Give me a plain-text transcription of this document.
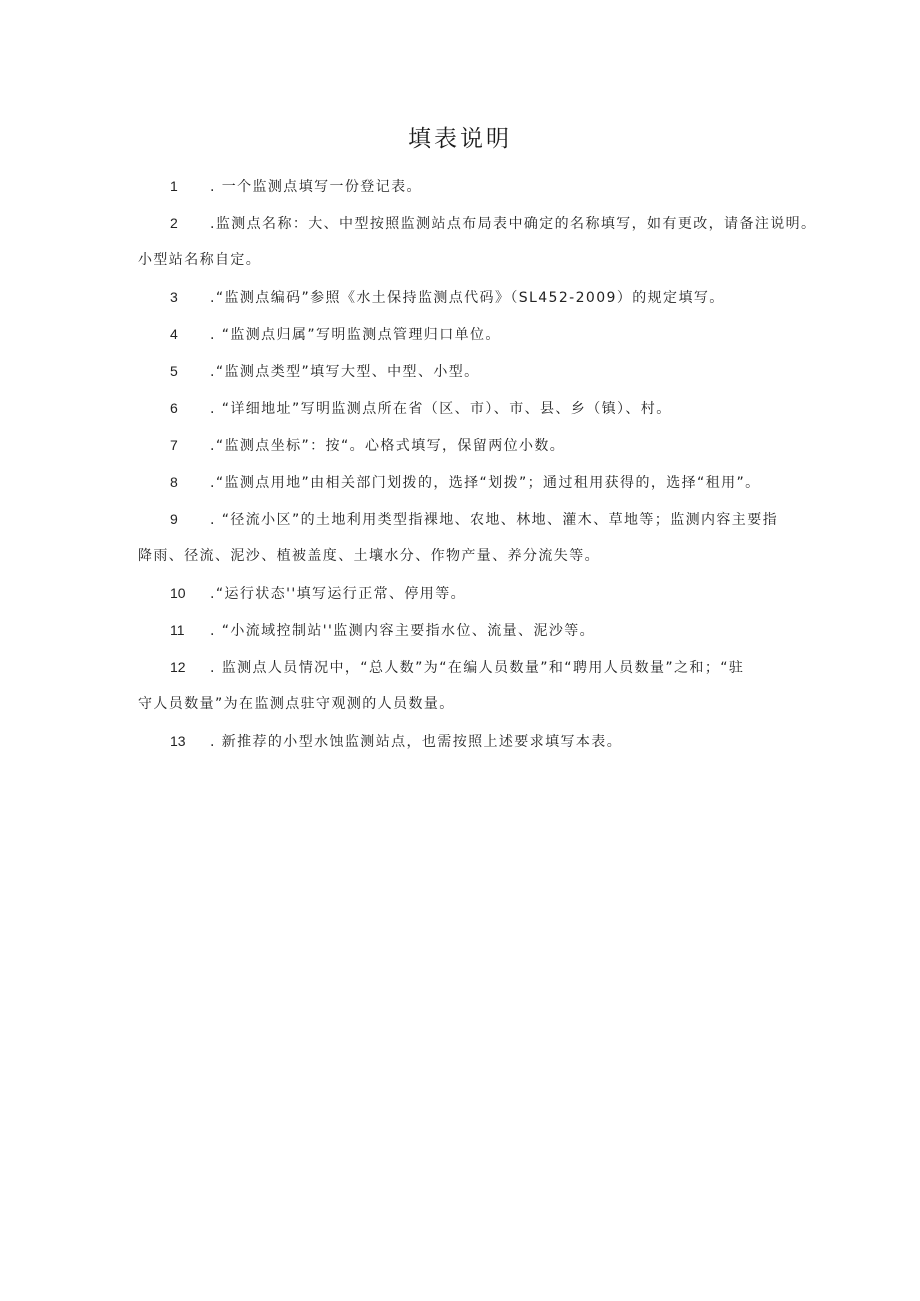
填表说明
1 . 一个监测点填写一份登记表。
2 .监测点名称：大、中型按照监测站点布局表中确定的名称填写，如有更改，请备注说明。
小型站名称自定。
3 .“监测点编码”参照《水土保持监测点代码》（SL452-2009）的规定填写。
4 . “监测点归属”写明监测点管理归口单位。
5 .“监测点类型”填写大型、中型、小型。
6 . “详细地址”写明监测点所在省（区、市）、市、县、乡（镇）、村。
7 .“监测点坐标”：按“。心格式填写，保留两位小数。
8 .“监测点用地”由相关部门划拨的，选择“划拨”；通过租用获得的，选择“租用”。
9 . “径流小区”的土地利用类型指裸地、农地、林地、灌木、草地等；监测内容主要指
降雨、径流、泥沙、植被盖度、土壤水分、作物产量、养分流失等。
10 .“运行状态''填写运行正常、停用等。
11 . “小流域控制站''监测内容主要指水位、流量、泥沙等。
12 . 监测点人员情况中，“总人数”为“在编人员数量”和“聘用人员数量”之和；“驻
守人员数量”为在监测点驻守观测的人员数量。
13 . 新推荐的小型水蚀监测站点，也需按照上述要求填写本表。
